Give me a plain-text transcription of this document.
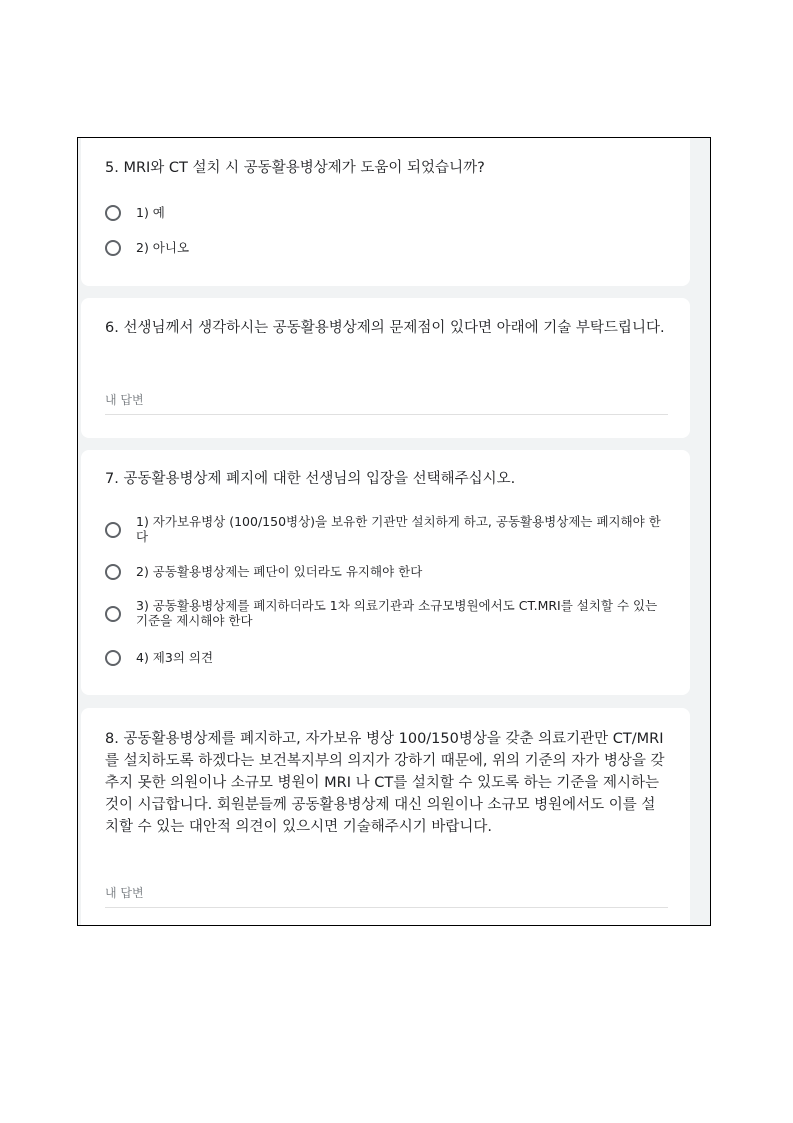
5. MRI와 CT 설치 시 공동활용병상제가 도움이 되었습니까?
1) 예
2) 아니오
6. 선생님께서 생각하시는 공동활용병상제의 문제점이 있다면 아래에 기술 부탁드립니다.
내 답변
7. 공동활용병상제 폐지에 대한 선생님의 입장을 선택해주십시오.
1) 자가보유병상 (100/150병상)을 보유한 기관만 설치하게 하고, 공동활용병상제는 폐지해야 한다
2) 공동활용병상제는 폐단이 있더라도 유지해야 한다
3) 공동활용병상제를 폐지하더라도 1차 의료기관과 소규모병원에서도 CT.MRI를 설치할 수 있는 기준을 제시해야 한다
4) 제3의 의견
8. 공동활용병상제를 폐지하고, 자가보유 병상 100/150병상을 갖춘 의료기관만 CT/MRI를 설치하도록 하겠다는 보건복지부의 의지가 강하기 때문에, 위의 기준의 자가 병상을 갖추지 못한 의원이나 소규모 병원이 MRI 나 CT를 설치할 수 있도록 하는 기준을 제시하는 것이 시급합니다. 회원분들께 공동활용병상제 대신 의원이나 소규모 병원에서도 이를 설치할 수 있는 대안적 의견이 있으시면 기술해주시기 바랍니다.
내 답변
